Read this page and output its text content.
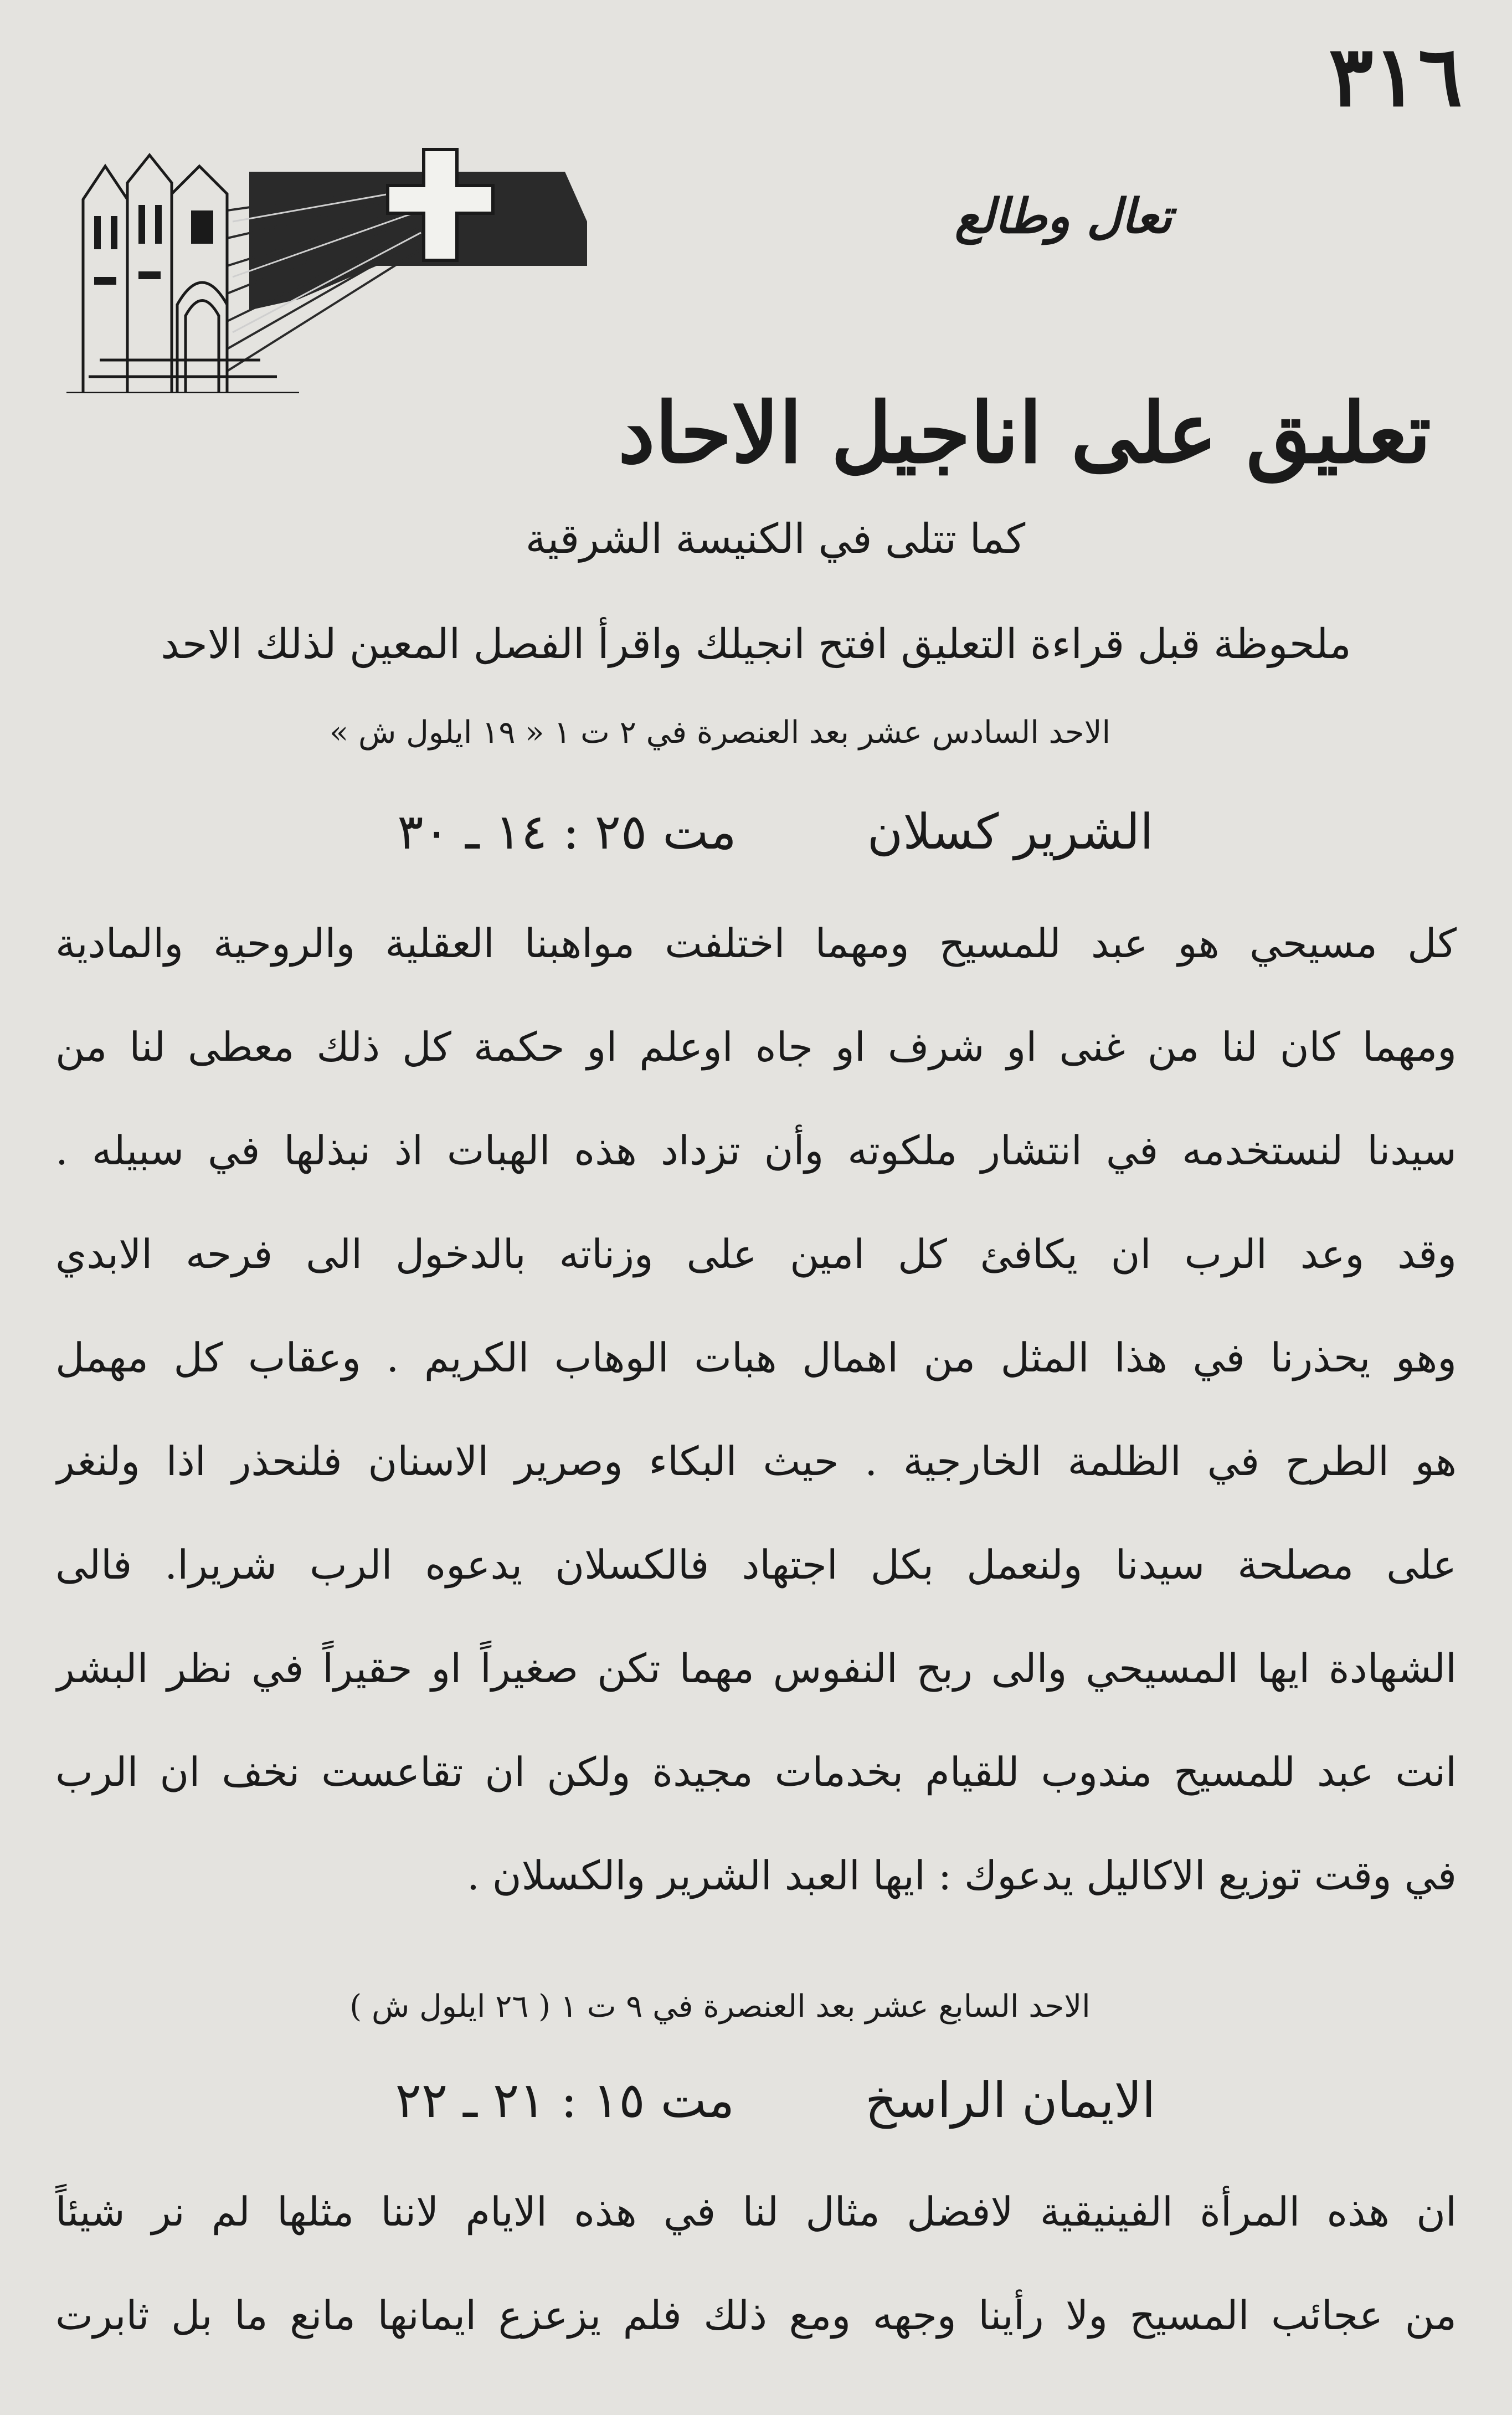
٣١٦
تعال وطالع
تعليق على اناجيل الاحاد
كما تتلى في الكنيسة الشرقية
ملحوظة قبل قراءة التعليق افتح انجيلك واقرأ الفصل المعين لذلك الاحد
الاحد السادس عشر بعد العنصرة في ٢ ت ١ « ١٩ ايلول ش »
الشرير كسلان  مت ٢٥ : ١٤ ـ ٣٠
كل مسيحي هو عبد للمسيح ومهما اختلفت مواهبنا العقلية والروحية والمادية
ومهما كان لنا من غنى او شرف او جاه اوعلم او حكمة كل ذلك معطى لنا من
سيدنا لنستخدمه في انتشار ملكوته وأن تزداد هذه الهبات اذ نبذلها في سبيله .
وقد وعد الرب ان يكافئ كل امين على وزناته بالدخول الى فرحه الابدي
وهو يحذرنا في هذا المثل من اهمال هبات الوهاب الكريم . وعقاب كل مهمل
هو الطرح في الظلمة الخارجية . حيث البكاء وصرير الاسنان فلنحذر اذا ولنغر
على مصلحة سيدنا ولنعمل بكل اجتهاد فالكسلان يدعوه الرب شريرا. فالى
الشهادة ايها المسيحي والى ربح النفوس مهما تكن صغيراً او حقيراً في نظر البشر
انت عبد للمسيح مندوب للقيام بخدمات مجيدة ولكن ان تقاعست نخف ان الرب
في وقت توزيع الاكاليل يدعوك : ايها العبد الشرير والكسلان .
الاحد السابع عشر بعد العنصرة في ٩ ت ١ ( ٢٦ ايلول ش )
الايمان الراسخ  مت ١٥ : ٢١ ـ ٢٢
ان هذه المرأة الفينيقية لافضل مثال لنا في هذه الايام لاننا مثلها لم نر شيئاً
من عجائب المسيح ولا رأينا وجهه ومع ذلك فلم يزعزع ايمانها مانع ما بل ثابرت
